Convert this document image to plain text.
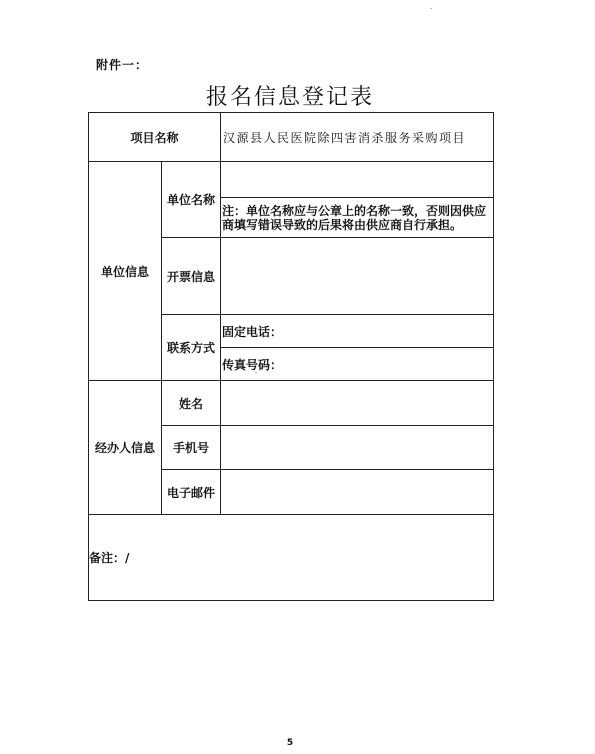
附件一：
报名信息登记表
项目名称		汉源县人民医院除四害消杀服务采购项目
单位信息	单位名称	
		注：单位名称应与公章上的名称一致，否则因供应商填写错误导致的后果将由供应商自行承担。
	开票信息	
	联系方式	固定电话：
		传真号码：
经办人信息	姓名	
	手机号	
	电子邮件	
备注：/		
5
